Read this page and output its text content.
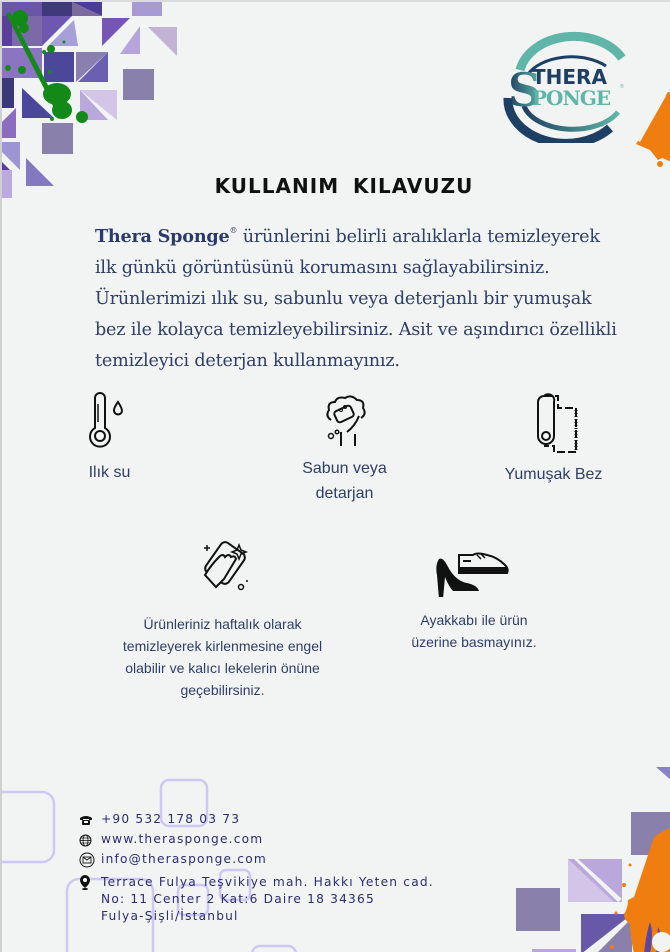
S
THERA
PONGE ®
KULLANIM KILAVUZU

Thera Sponge® ürünlerini belirli aralıklarla temizleyerek ilk günkü görüntüsünü korumasını sağlayabilirsiniz. Ürünlerimizi ılık su, sabunlu veya deterjanlı bir yumuşak bez ile kolayca temizleyebilirsiniz. Asit ve aşındırıcı özellikli temizleyici deterjan kullanmayınız.

Ilık su	Sabun veya
detarjan
Yumuşak Bez
Ürünleriniz haftalık olarak
temizleyerek kirlenmesine engel
olabilir ve kalıcı lekelerin önüne
geçebilirsiniz.
Ayakkabı ile ürün
üzerine basmayınız.
+90 532 178 03 73
www.therasponge.com
info@therasponge.com
Terrace Fulya Teşvikiye mah. Hakkı Yeten cad.
No: 11 Center 2 Kat:6 Daire 18 34365
Fulya-Şişli/İstanbul
